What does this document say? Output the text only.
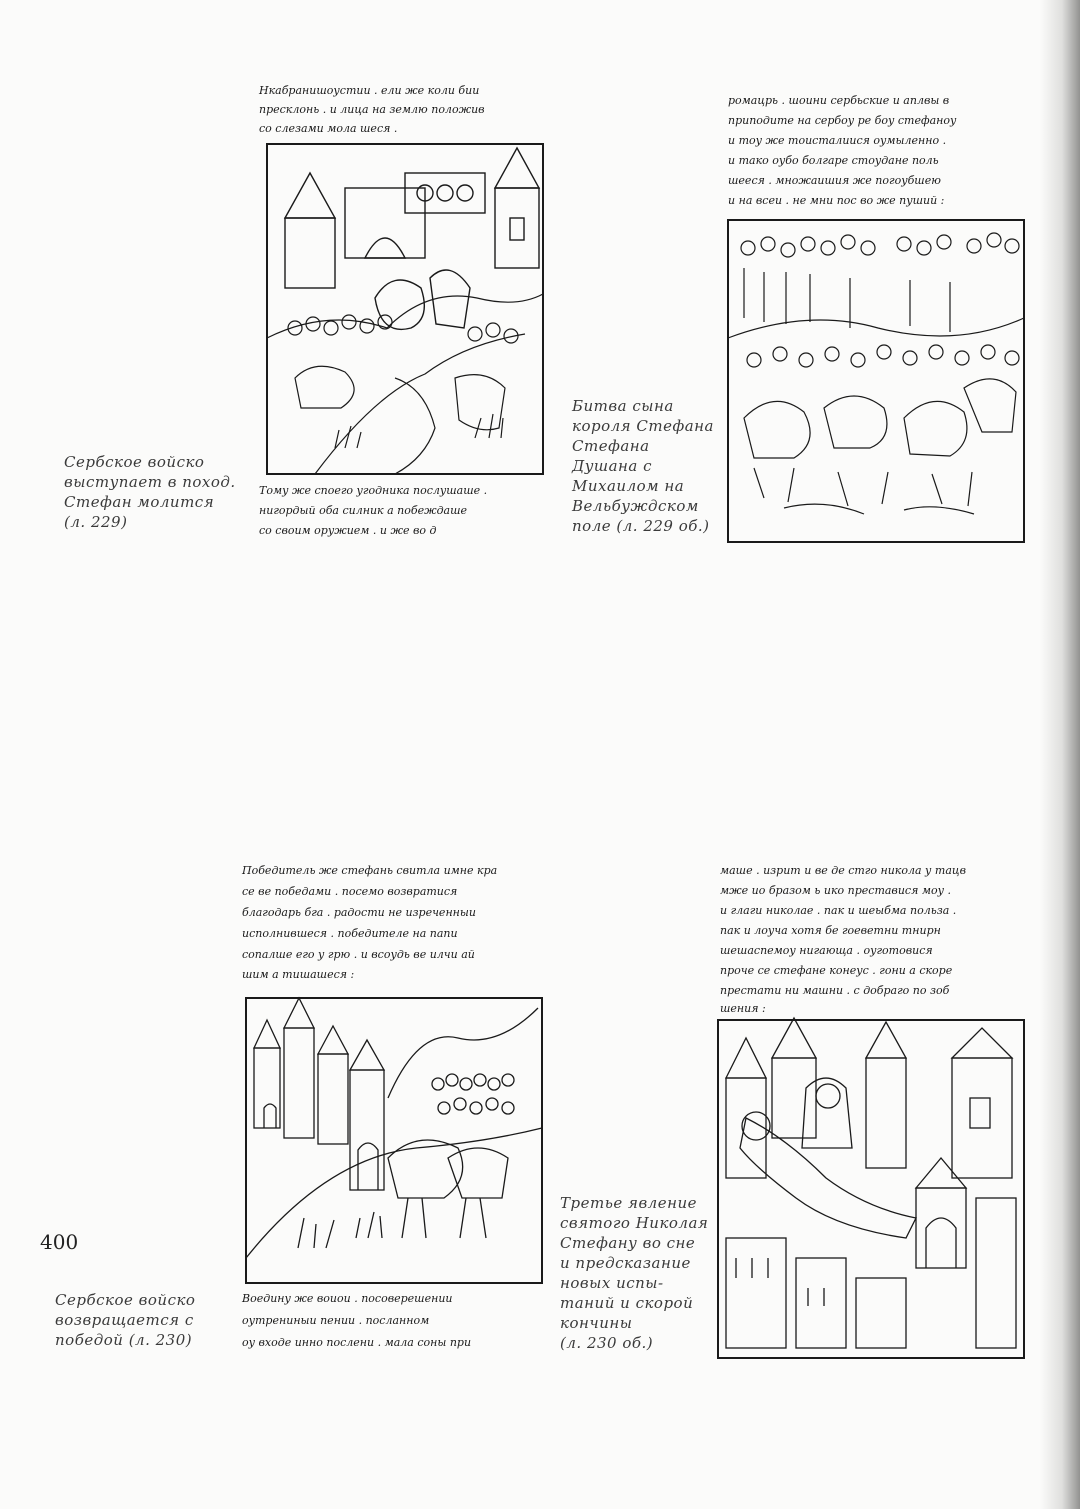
Нкабранишоустии . ели же коли бии
пресклонь . и лица на землю положив
со слезами мола шеся .
Тому же споего угодника послушаше .
нигордый оба силник а побеждаше
со своим оружием . и же во д
Сербское войско
выступает в поход.
Стефан молится
(л. 229)
ромацрь . шоини сербьские и аплвы в
приподите на сербоу ре боу стефаноу
и тоу же тоисталиися оумыленно .
и тако оубо болгаре стоудане поль
шееся . множаишия же погоубшею
и на всеи . не мни пос во же пуший :
Битва сына
короля Стефана
Стефана
Душана с
Михаилом на
Вельбуждском
поле (л. 229 об.)
Победитель же стефань свитла имне кра
се ве победами . посемо возвратися
благодарь бга . радости не изреченныи
исполнившеся . победителе на папи
сопалше его у грю . и всоудь ве илчи ай
шим а тишашеся :
Воедину же воиои . посоверешении
оутрениныи пении . посланном
оу входе инно послени . мала соны при
Сербское войско
возвращается с
победой (л. 230)
маше . изрит и ве де стго никола у тацв
мже ио бразом ь ико преставися моу .
и глаги николае . пак и шеыбма польза .
пак и лоуча хотя бе гоеветни тнирн
шешаспемоу нигающа . оуготовися
проче се стефане конеус . гони а скоре
престати ни машни . с добраго по зоб
шения :
Третье явление
святого Николая
Стефану во сне
и предсказание
новых испы-
таний и скорой
кончины
(л. 230 об.)
400
